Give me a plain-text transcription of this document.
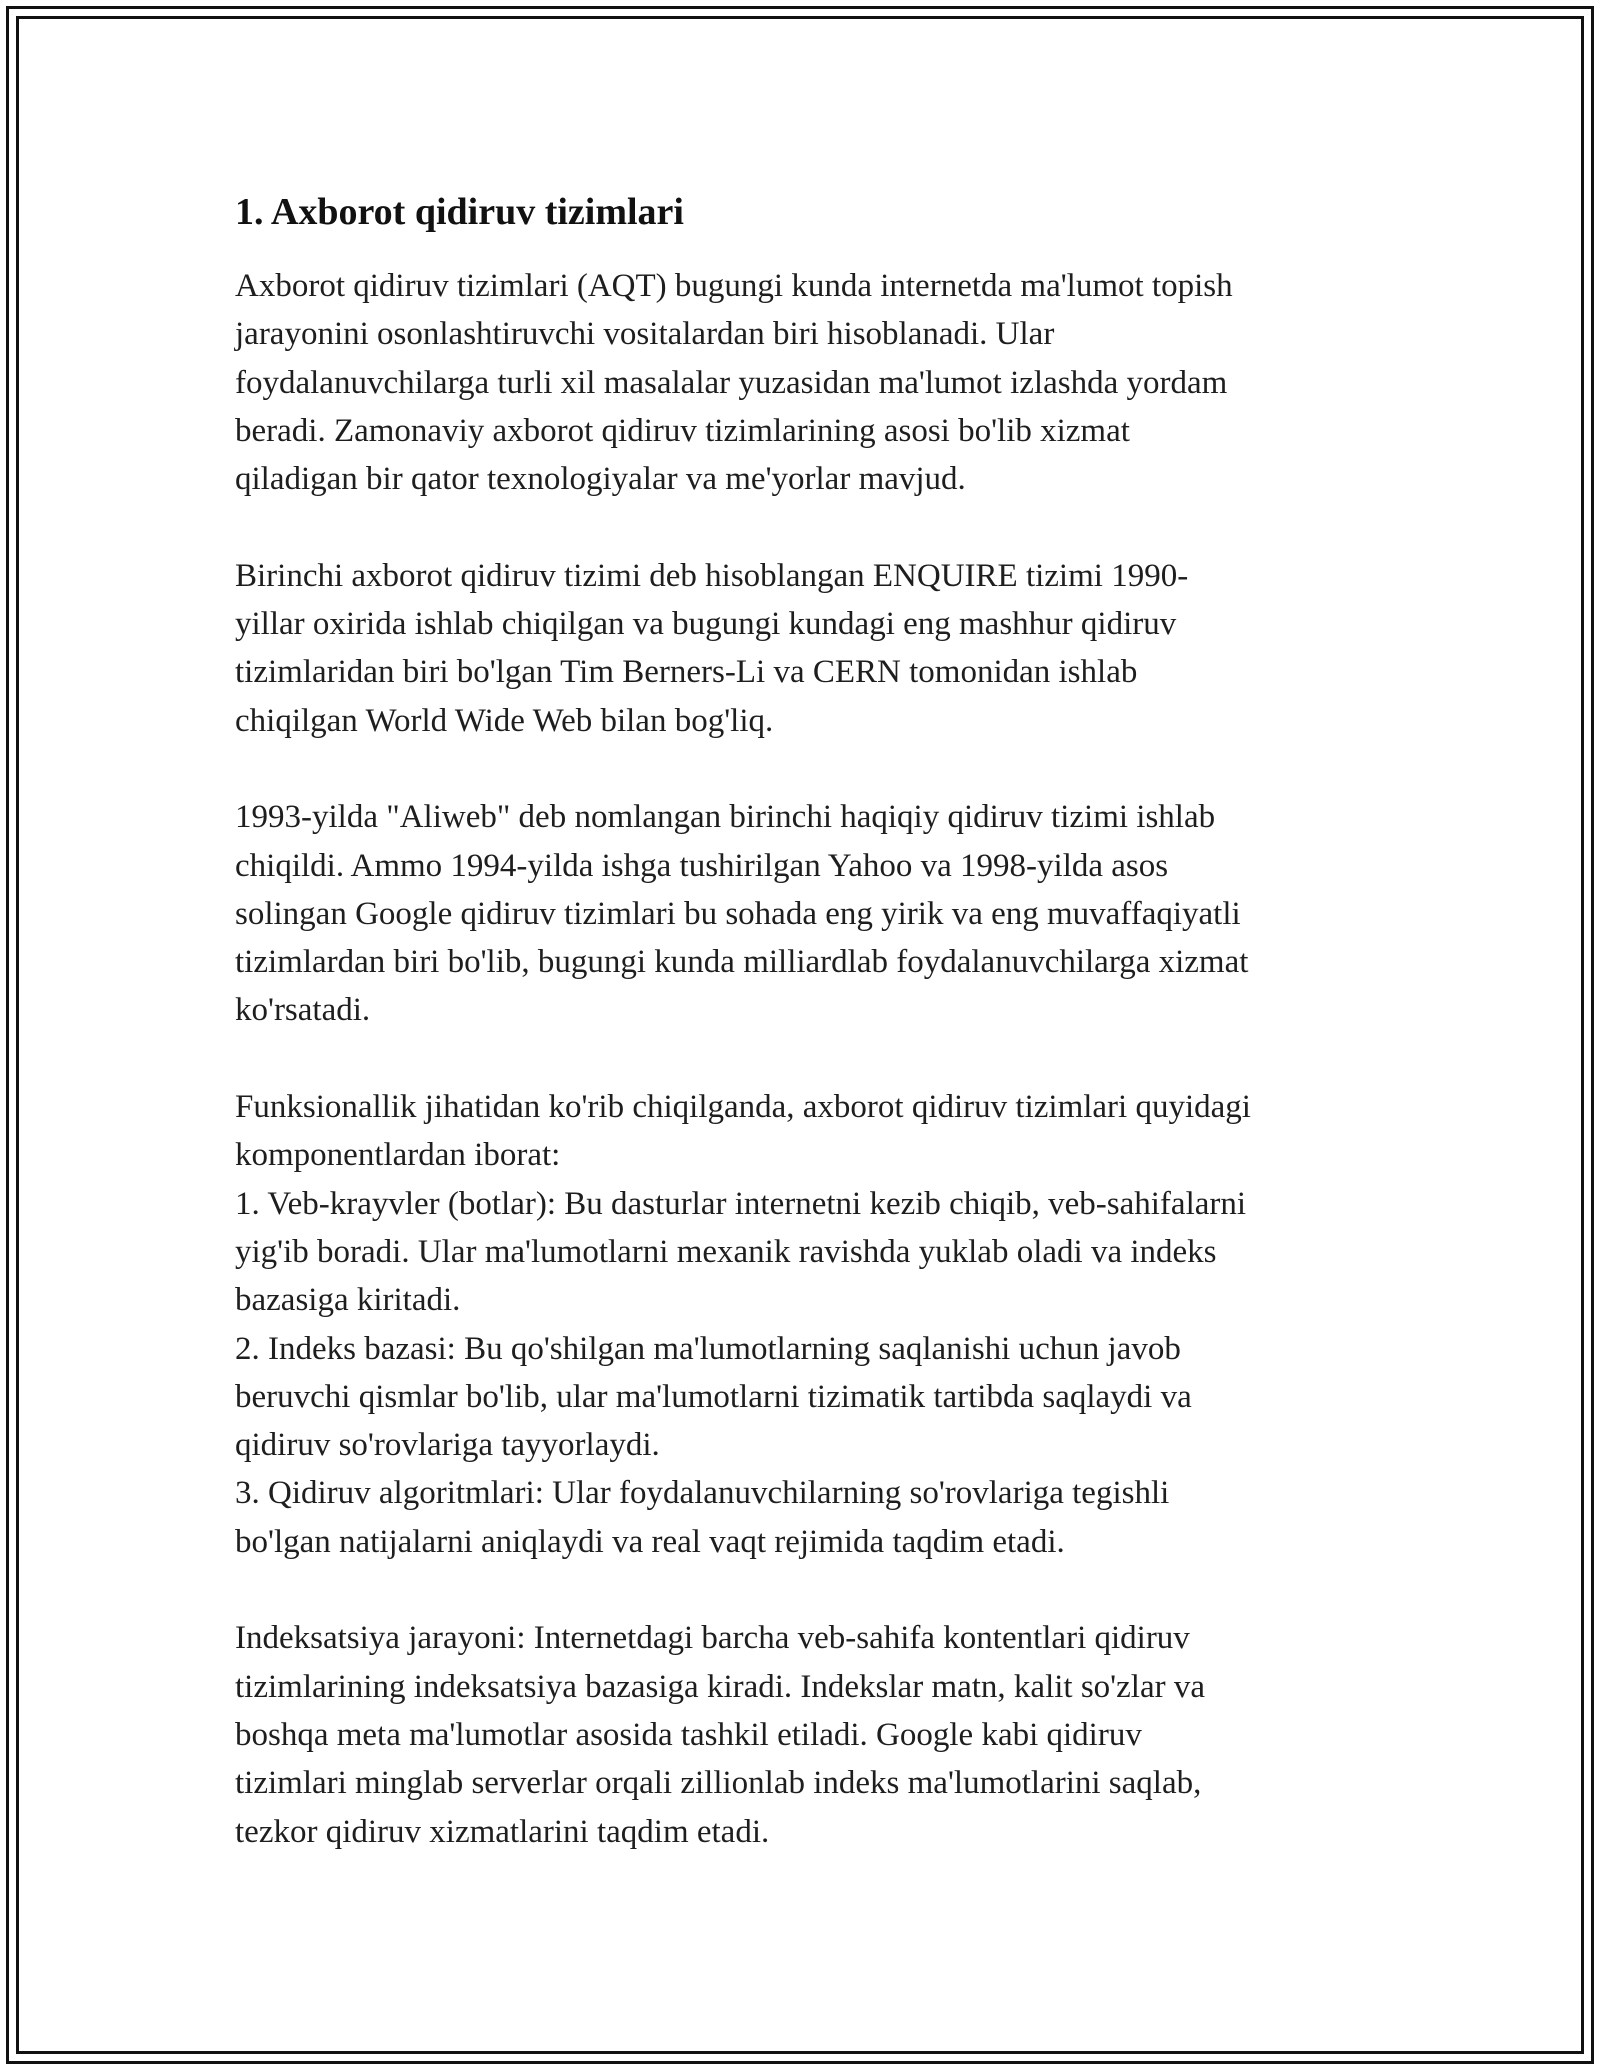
1. Axborot qidiruv tizimlari

Axborot qidiruv tizimlari (AQT) bugungi kunda internetda ma'lumot topish
jarayonini osonlashtiruvchi vositalardan biri hisoblanadi. Ular
foydalanuvchilarga turli xil masalalar yuzasidan ma'lumot izlashda yordam
beradi. Zamonaviy axborot qidiruv tizimlarining asosi bo'lib xizmat
qiladigan bir qator texnologiyalar va me'yorlar mavjud.

Birinchi axborot qidiruv tizimi deb hisoblangan ENQUIRE tizimi 1990-
yillar oxirida ishlab chiqilgan va bugungi kundagi eng mashhur qidiruv
tizimlaridan biri bo'lgan Tim Berners-Li va CERN tomonidan ishlab
chiqilgan World Wide Web bilan bog'liq.

1993-yilda "Aliweb" deb nomlangan birinchi haqiqiy qidiruv tizimi ishlab
chiqildi. Ammo 1994-yilda ishga tushirilgan Yahoo va 1998-yilda asos
solingan Google qidiruv tizimlari bu sohada eng yirik va eng muvaffaqiyatli
tizimlardan biri bo'lib, bugungi kunda milliardlab foydalanuvchilarga xizmat
ko'rsatadi.

Funksionallik jihatidan ko'rib chiqilganda, axborot qidiruv tizimlari quyidagi
komponentlardan iborat:
1. Veb-krayvler (botlar): Bu dasturlar internetni kezib chiqib, veb-sahifalarni
yig'ib boradi. Ular ma'lumotlarni mexanik ravishda yuklab oladi va indeks
bazasiga kiritadi.
2. Indeks bazasi: Bu qo'shilgan ma'lumotlarning saqlanishi uchun javob
beruvchi qismlar bo'lib, ular ma'lumotlarni tizimatik tartibda saqlaydi va
qidiruv so'rovlariga tayyorlaydi.
3. Qidiruv algoritmlari: Ular foydalanuvchilarning so'rovlariga tegishli
bo'lgan natijalarni aniqlaydi va real vaqt rejimida taqdim etadi.

Indeksatsiya jarayoni: Internetdagi barcha veb-sahifa kontentlari qidiruv
tizimlarining indeksatsiya bazasiga kiradi. Indekslar matn, kalit so'zlar va
boshqa meta ma'lumotlar asosida tashkil etiladi. Google kabi qidiruv
tizimlari minglab serverlar orqali zillionlab indeks ma'lumotlarini saqlab,
tezkor qidiruv xizmatlarini taqdim etadi.
